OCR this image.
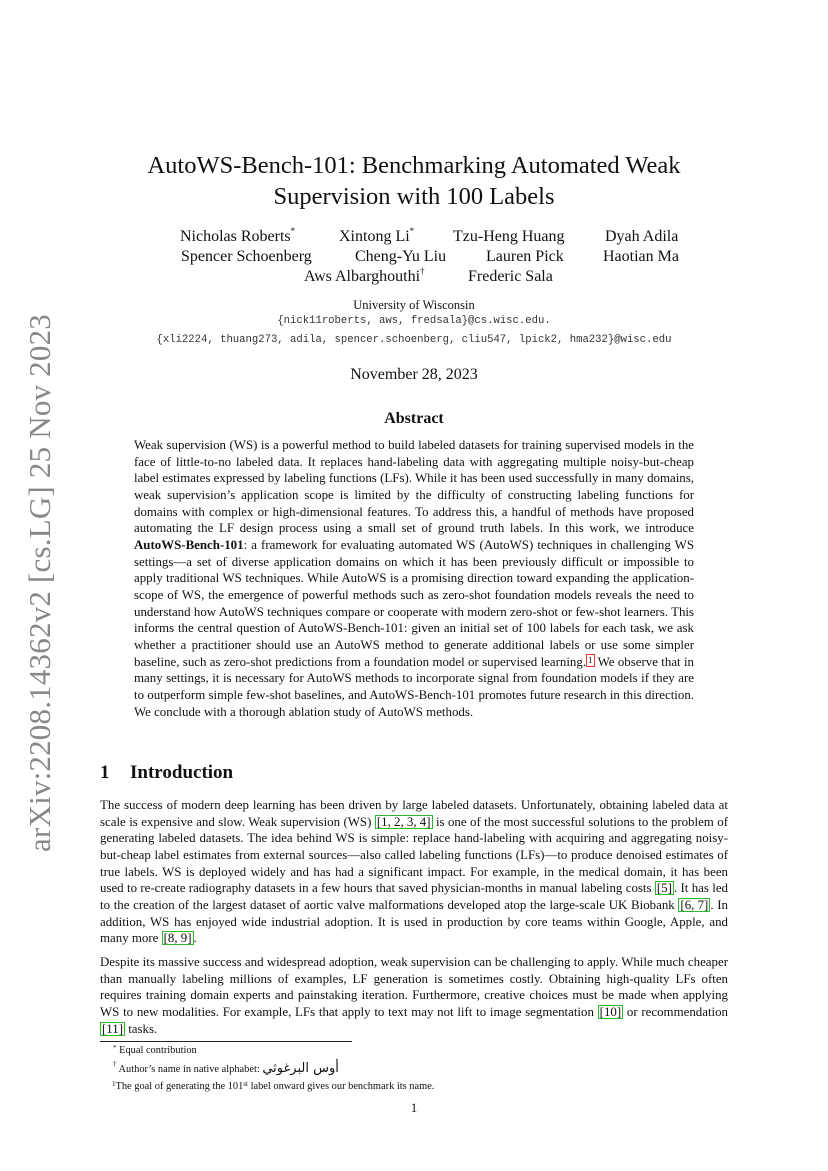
arXiv:2208.14362v2 [cs.LG] 25 Nov 2023
AutoWS-Bench-101: Benchmarking Automated Weak
Supervision with 100 Labels
Nicholas Roberts*	Xintong Li* Tzu-Heng Huang	Dyah Adila
Spencer Schoenberg	Cheng-Yu Liu Lauren Pick Haotian Ma
Aws Albarghouthi†	Frederic Sala
University of Wisconsin
{nick11roberts, aws, fredsala}@cs.wisc.edu.
{xli2224, thuang273, adila, spencer.schoenberg, cliu547, lpick2, hma232}@wisc.edu
November 28, 2023
Abstract
Weak supervision (WS) is a powerful method to build labeled datasets for training supervised models in the face of little-to-no labeled data. It replaces hand-labeling data with aggregating multiple noisy-but-cheap label estimates expressed by labeling functions (LFs). While it has been used successfully in many domains, weak supervision’s application scope is limited by the difficulty of constructing labeling functions for domains with complex or high-dimensional features. To address this, a handful of methods have proposed automating the LF design process using a small set of ground truth labels. In this work, we introduce AutoWS-Bench-101: a framework for evaluating automated WS (AutoWS) techniques in challenging WS settings—a set of diverse application domains on which it has been previously difficult or impossible to apply traditional WS techniques. While AutoWS is a promising direction toward expanding the application-scope of WS, the emergence of powerful methods such as zero-shot foundation models reveals the need to understand how AutoWS techniques compare or cooperate with modern zero-shot or few-shot learners. This informs the central question of AutoWS-Bench-101: given an initial set of 100 labels for each task, we ask whether a practitioner should use an AutoWS method to generate additional labels or use some simpler baseline, such as zero-shot predictions from a foundation model or supervised learning. 1 We observe that in many settings, it is necessary for AutoWS methods to incorporate signal from foundation models if they are to outperform simple few-shot baselines, and AutoWS-Bench-101 promotes future research in this direction. We conclude with a thorough ablation study of AutoWS methods.
1 Introduction
The success of modern deep learning has been driven by large labeled datasets. Unfortunately, obtaining labeled data at scale is expensive and slow. Weak supervision (WS) [1, 2, 3, 4] is one of the most successful solutions to the problem of generating labeled datasets. The idea behind WS is simple: replace hand-labeling with acquiring and aggregating noisy-but-cheap label estimates from external sources—also called labeling functions (LFs)—to produce denoised estimates of true labels. WS is deployed widely and has had a significant impact. For example, in the medical domain, it has been used to re-create radiography datasets in a few hours that saved physician-months in manual labeling costs [5] . It has led to the creation of the largest dataset of aortic valve malformations developed atop the large-scale UK Biobank [6, 7] . In addition, WS has enjoyed wide industrial adoption. It is used in production by core teams within Google, Apple, and many more [8, 9] .
Despite its massive success and widespread adoption, weak supervision can be challenging to apply. While much cheaper than manually labeling millions of examples, LF generation is sometimes costly. Obtaining high-quality LFs often requires training domain experts and painstaking iteration. Furthermore, creative choices must be made when applying WS to new modalities. For example, LFs that apply to text may not lift to image segmentation [10] or recommendation [11] tasks.
* Equal contribution
† Author’s name in native alphabet: أوس البرغوثي
$^1$The goal of generating the 101st label onward gives our benchmark its name.
1
